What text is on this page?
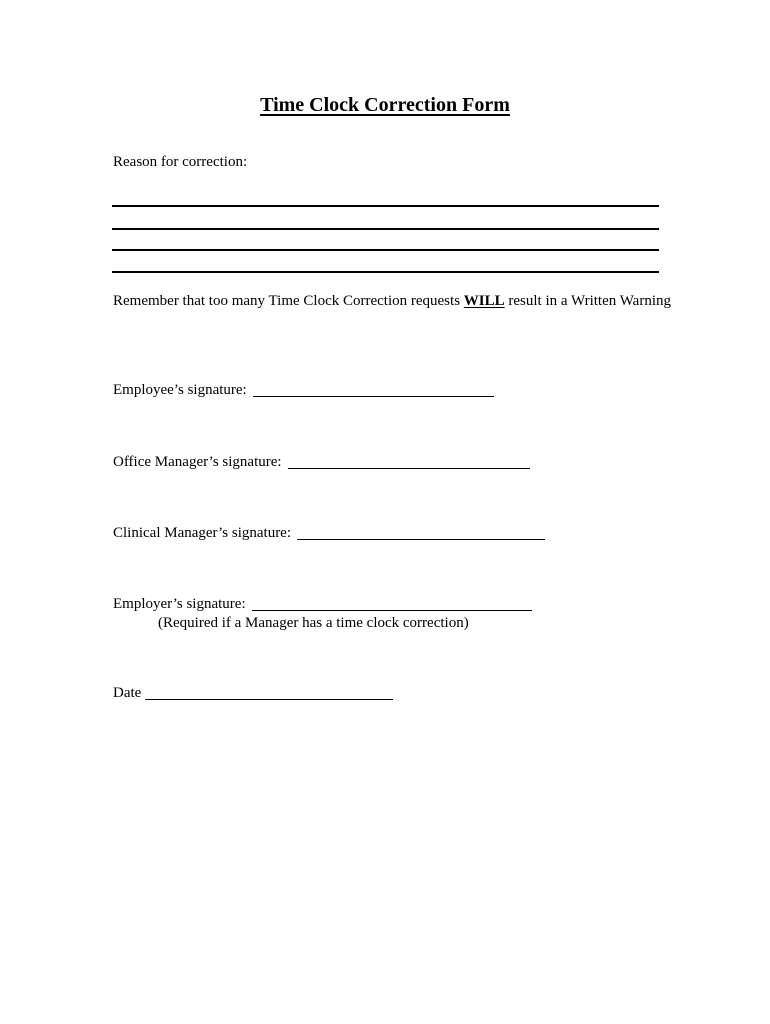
Time Clock Correction Form
Reason for correction:
Remember that too many Time Clock Correction requests WILL result in a Written Warning
Employee’s signature:
Office Manager’s signature:
Clinical Manager’s signature:
Employer’s signature:
(Required if a Manager has a time clock correction)
Date
